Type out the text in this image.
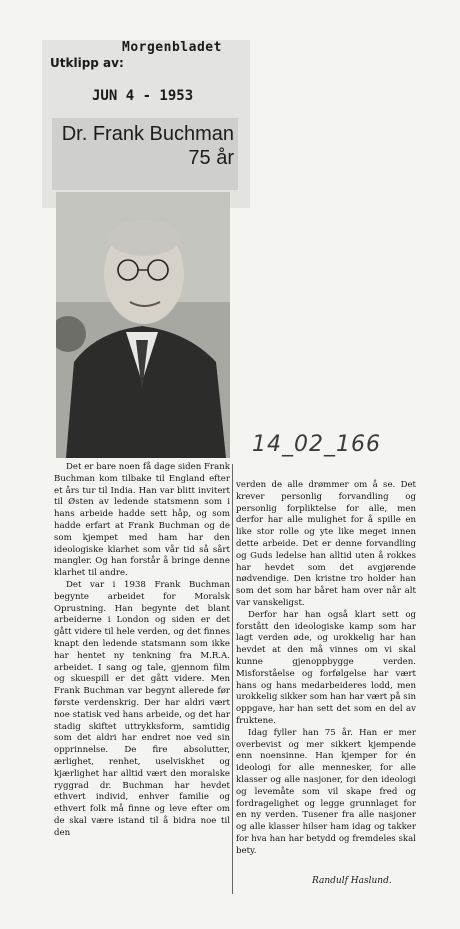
Utklipp av:
Morgenbladet
JUN 4 - 1953
Dr. Frank Buchman
75 år
14_02_166

Det er bare noen få dage siden Frank Buchman kom tilbake til England efter et års tur til India. Han var blitt invitert til Østen av ledende statsmenn som i hans arbeide hadde sett håp, og som hadde erfart at Frank Buchman og de som kjempet med ham har den ideologiske klarhet som vår tid så sårt mangler. Og han forstår å bringe denne klarhet til andre.

Det var i 1938 Frank Buchman begynte arbeidet for Moralsk Oprustning. Han begynte det blant arbeiderne i London og siden er det gått videre til hele verden, og det finnes knapt den ledende statsmann som ikke har hentet ny tenkning fra M.R.A. arbeidet. I sang og tale, gjennom film og skuespill er det gått videre. Men Frank Buchman var begynt allerede før første verdenskrig. Der har aldri vært noe statisk ved hans arbeide, og det har stadig skiftet uttrykksform, samtidig som det aldri har endret noe ved sin opprinnelse. De fire absolutter, ærlighet, renhet, uselviskhet og kjærlighet har alltid vært den moralske ryggrad dr. Buchman har hevdet ethvert individ, enhver familie og ethvert folk må finne og leve efter om de skal være istand til å bidra noe til den

verden de alle drømmer om å se. Det krever personlig forvandling og personlig forpliktelse for alle, men derfor har alle mulighet for å spille en like stor rolle og yte like meget innen dette arbeide. Det er denne forvandling og Guds ledelse han alltid uten å rokkes har hevdet som det avgjørende nødvendige. Den kristne tro holder han som det som har båret ham over når alt var vanskeligst.

Derfor har han også klart sett og forstått den ideologiske kamp som har lagt verden øde, og urokkelig har han hevdet at den må vinnes om vi skal kunne gjenoppbygge verden. Misforståelse og forfølgelse har vært hans og hans medarbeideres lodd, men urokkelig sikker som han har vært på sin oppgave, har han sett det som en del av fruktene.

Idag fyller han 75 år. Han er mer overbevist og mer sikkert kjempende enn noensinne. Han kjemper for én ideologi for alle mennesker, for alle klasser og alle nasjoner, for den ideologi og levemåte som vil skape fred og fordragelighet og legge grunnlaget for en ny verden. Tusener fra alle nasjoner og alle klasser hilser ham idag og takker for hva han har betydd og fremdeles skal bety.

Randulf Haslund.
